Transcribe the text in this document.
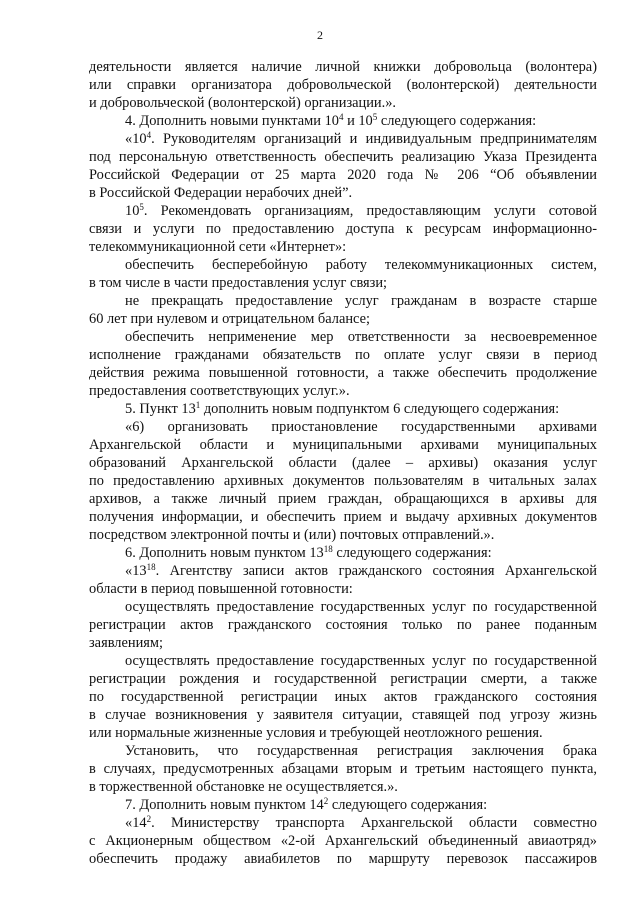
2

деятельности является наличие личной книжки добровольца (волонтера)

или справки организатора добровольческой (волонтерской) деятельности

и добровольческой (волонтерской) организации.».

4. Дополнить новыми пунктами $10^4$ и $10^5$ следующего содержания:

«$10^4$. Руководителям организаций и индивидуальным предпринимателям

под персональную ответственность обеспечить реализацию Указа Президента

Российской Федерации от 25 марта 2020 года № 206 “Об объявлении

в Российской Федерации нерабочих дней”.

$10^5$. Рекомендовать организациям, предоставляющим услуги сотовой

связи и услуги по предоставлению доступа к ресурсам информационно-

телекоммуникационной сети «Интернет»:

обеспечить бесперебойную работу телекоммуникационных систем,

в том числе в части предоставления услуг связи;

не прекращать предоставление услуг гражданам в возрасте старше

60 лет при нулевом и отрицательном балансе;

обеспечить неприменение мер ответственности за несвоевременное

исполнение гражданами обязательств по оплате услуг связи в период

действия режима повышенной готовности, а также обеспечить продолжение

предоставления соответствующих услуг.».

5. Пункт $13^1$ дополнить новым подпунктом 6 следующего содержания:

«6) организовать приостановление государственными архивами

Архангельской области и муниципальными архивами муниципальных

образований Архангельской области (далее – архивы) оказания услуг

по предоставлению архивных документов пользователям в читальных залах

архивов, а также личный прием граждан, обращающихся в архивы для

получения информации, и обеспечить прием и выдачу архивных документов

посредством электронной почты и (или) почтовых отправлений.».

6. Дополнить новым пунктом $13^{18}$ следующего содержания:

«$13^{18}$. Агентству записи актов гражданского состояния Архангельской

области в период повышенной готовности:

осуществлять предоставление государственных услуг по государственной

регистрации актов гражданского состояния только по ранее поданным

заявлениям;

осуществлять предоставление государственных услуг по государственной

регистрации рождения и государственной регистрации смерти, а также

по государственной регистрации иных актов гражданского состояния

в случае возникновения у заявителя ситуации, ставящей под угрозу жизнь

или нормальные жизненные условия и требующей неотложного решения.

Установить, что государственная регистрация заключения брака

в случаях, предусмотренных абзацами вторым и третьим настоящего пункта,

в торжественной обстановке не осуществляется.».

7. Дополнить новым пунктом $14^2$ следующего содержания:

«$14^2$. Министерству транспорта Архангельской области совместно

с Акционерным обществом «2-ой Архангельский объединенный авиаотряд»

обеспечить продажу авиабилетов по маршруту перевозок пассажиров
